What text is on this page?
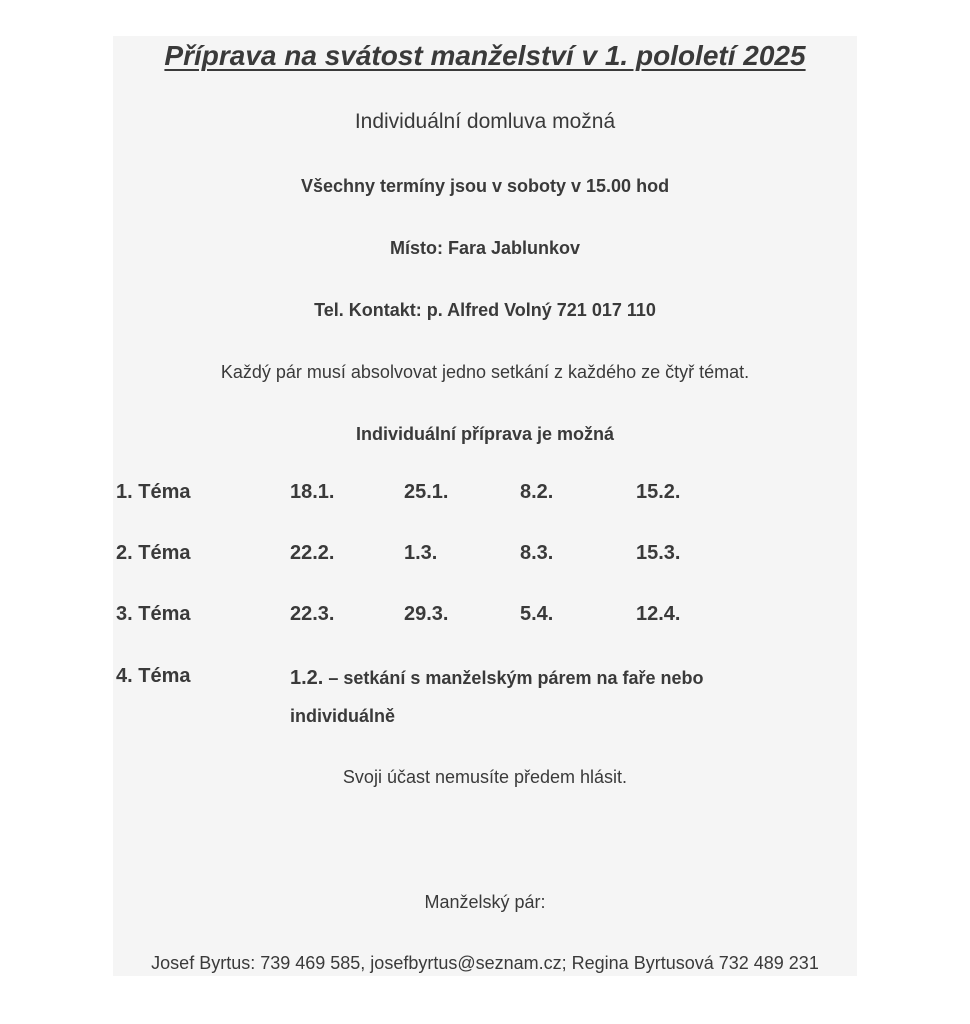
Příprava na svátost manželství v 1. pololetí 2025
Individuální domluva možná
Všechny termíny jsou v soboty v 15.00 hod
Místo: Fara Jablunkov
Tel. Kontakt: p. Alfred Volný 721 017 110
Každý pár musí absolvovat jedno setkání z každého ze čtyř témat.
Individuální příprava je možná
1. Téma	18.1.	25.1.	8.2.	15.2.
2. Téma	22.2.	1.3.	8.3.	15.3.
3. Téma	22.3.	29.3.	5.4.	12.4.
4. Téma	1.2. – setkání s manželským párem na faře nebo
individuálně
Svoji účast nemusíte předem hlásit.
Manželský pár:
Josef Byrtus: 739 469 585, josefbyrtus@seznam.cz; Regina Byrtusová 732 489 231
